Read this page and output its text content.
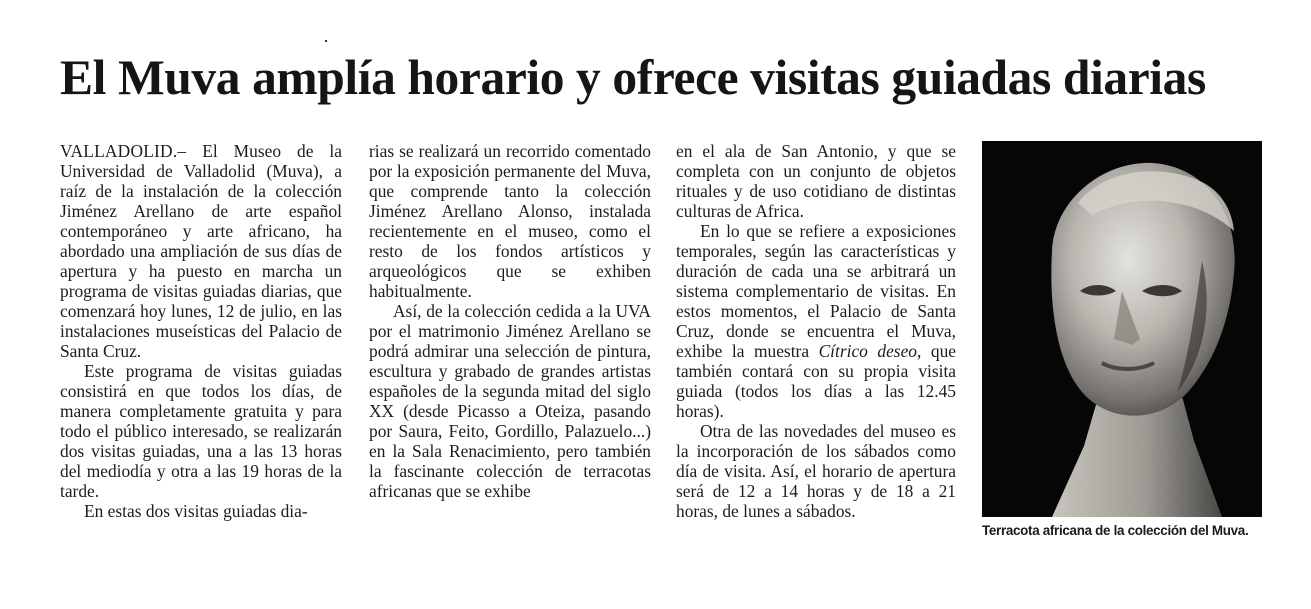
El Muva amplía horario y ofrece visitas guiadas diarias

VALLADOLID.– El Museo de la Universidad de Valladolid (Muva), a raíz de la instalación de la colección Jiménez Arellano de arte español contemporáneo y arte africano, ha abordado una ampliación de sus días de apertura y ha puesto en marcha un programa de visitas guiadas diarias, que comenzará hoy lunes, 12 de julio, en las instalaciones museísticas del Palacio de Santa Cruz.

Este programa de visitas guiadas consistirá en que todos los días, de manera completamente gratuita y para todo el público interesado, se realizarán dos visitas guiadas, una a las 13 horas del mediodía y otra a las 19 horas de la tarde.

En estas dos visitas guiadas dia-

rias se realizará un recorrido comentado por la exposición permanente del Muva, que comprende tanto la colección Jiménez Arellano Alonso, instalada recientemente en el museo, como el resto de los fondos artísticos y arqueológicos que se exhiben habitualmente.

Así, de la colección cedida a la UVA por el matrimonio Jiménez Arellano se podrá admirar una selección de pintura, escultura y grabado de grandes artistas españoles de la segunda mitad del siglo XX (desde Picasso a Oteiza, pasando por Saura, Feito, Gordillo, Palazuelo...) en la Sala Renacimiento, pero también la fascinante colección de terracotas africanas que se exhibe

en el ala de San Antonio, y que se completa con un conjunto de objetos rituales y de uso cotidiano de distintas culturas de Africa.

En lo que se refiere a exposiciones temporales, según las características y duración de cada una se arbitrará un sistema complementario de visitas. En estos momentos, el Palacio de Santa Cruz, donde se encuentra el Muva, exhibe la muestra Cítrico deseo, que también contará con su propia visita guiada (todos los días a las 12.45 horas).

Otra de las novedades del museo es la incorporación de los sábados como día de visita. Así, el horario de apertura será de 12 a 14 horas y de 18 a 21 horas, de lunes a sábados.

Terracota africana de la colección del Muva.
